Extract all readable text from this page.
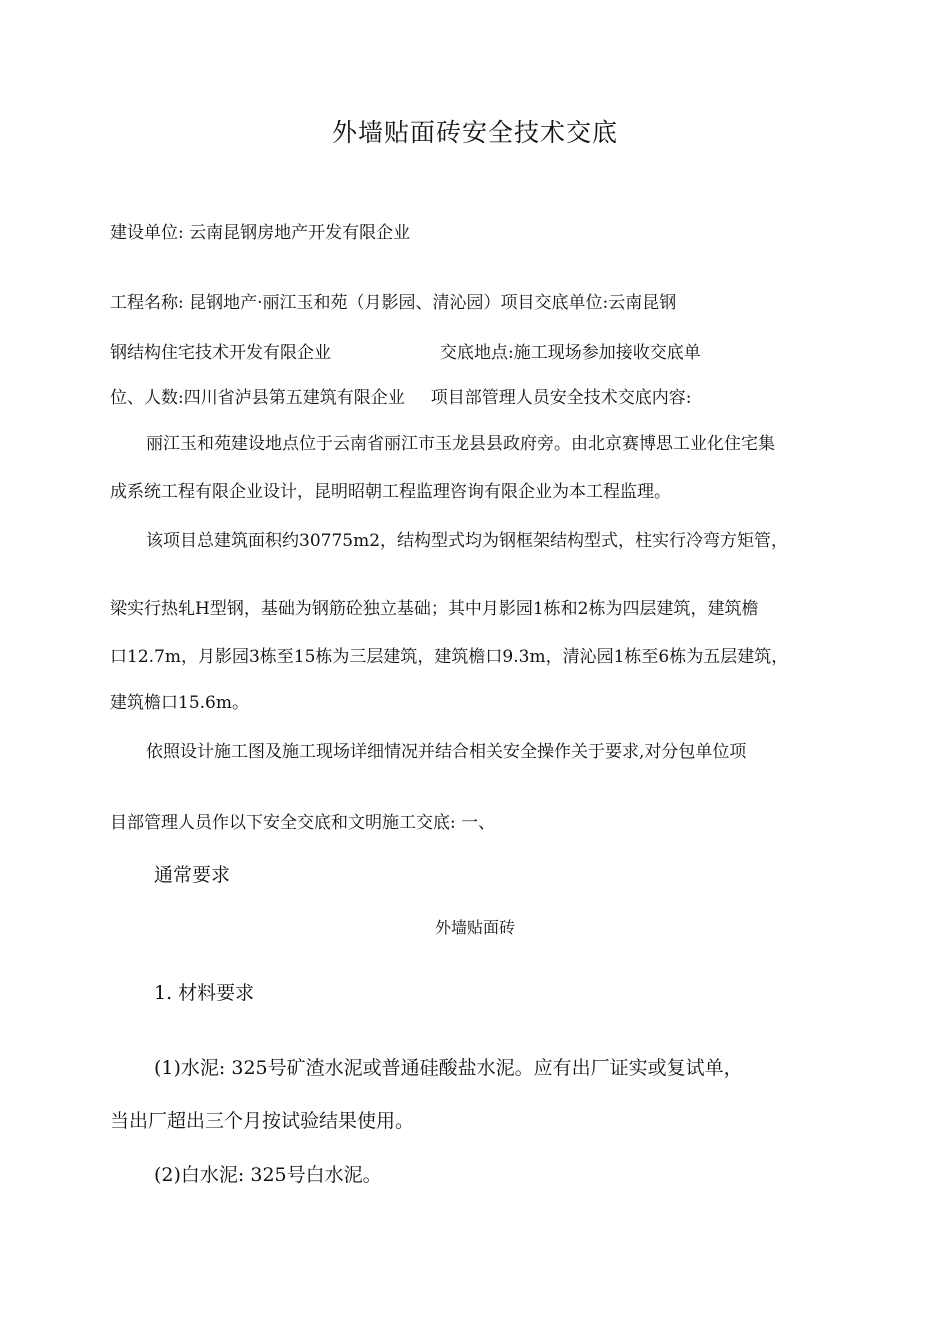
外墙贴面砖安全技术交底
建设单位: 云南昆钢房地产开发有限企业
工程名称: 昆钢地产·丽江玉和苑（月影园、清沁园）项目交底单位:云南昆钢
钢结构住宅技术开发有限企业	交底地点:施工现场参加接收交底单
位、人数:四川省泸县第五建筑有限企业 项目部管理人员安全技术交底内容:
丽江玉和苑建设地点位于云南省丽江市玉龙县县政府旁。由北京赛博思工业化住宅集
成系统工程有限企业设计，昆明昭朝工程监理咨询有限企业为本工程监理。
该项目总建筑面积约30775m2，结构型式均为钢框架结构型式，柱实行冷弯方矩管，
梁实行热轧H型钢，基础为钢筋砼独立基础；其中月影园1栋和2栋为四层建筑，建筑檐
口12.7m，月影园3栋至15栋为三层建筑，建筑檐口9.3m，清沁园1栋至6栋为五层建筑，
建筑檐口15.6m。
依照设计施工图及施工现场详细情况并结合相关安全操作关于要求,对分包单位项
目部管理人员作以下安全交底和文明施工交底: 一、
通常要求
外墙贴面砖
1. 材料要求
(1)水泥: 325号矿渣水泥或普通硅酸盐水泥。应有出厂证实或复试单，
当出厂超出三个月按试验结果使用。
(2)白水泥: 325号白水泥。
